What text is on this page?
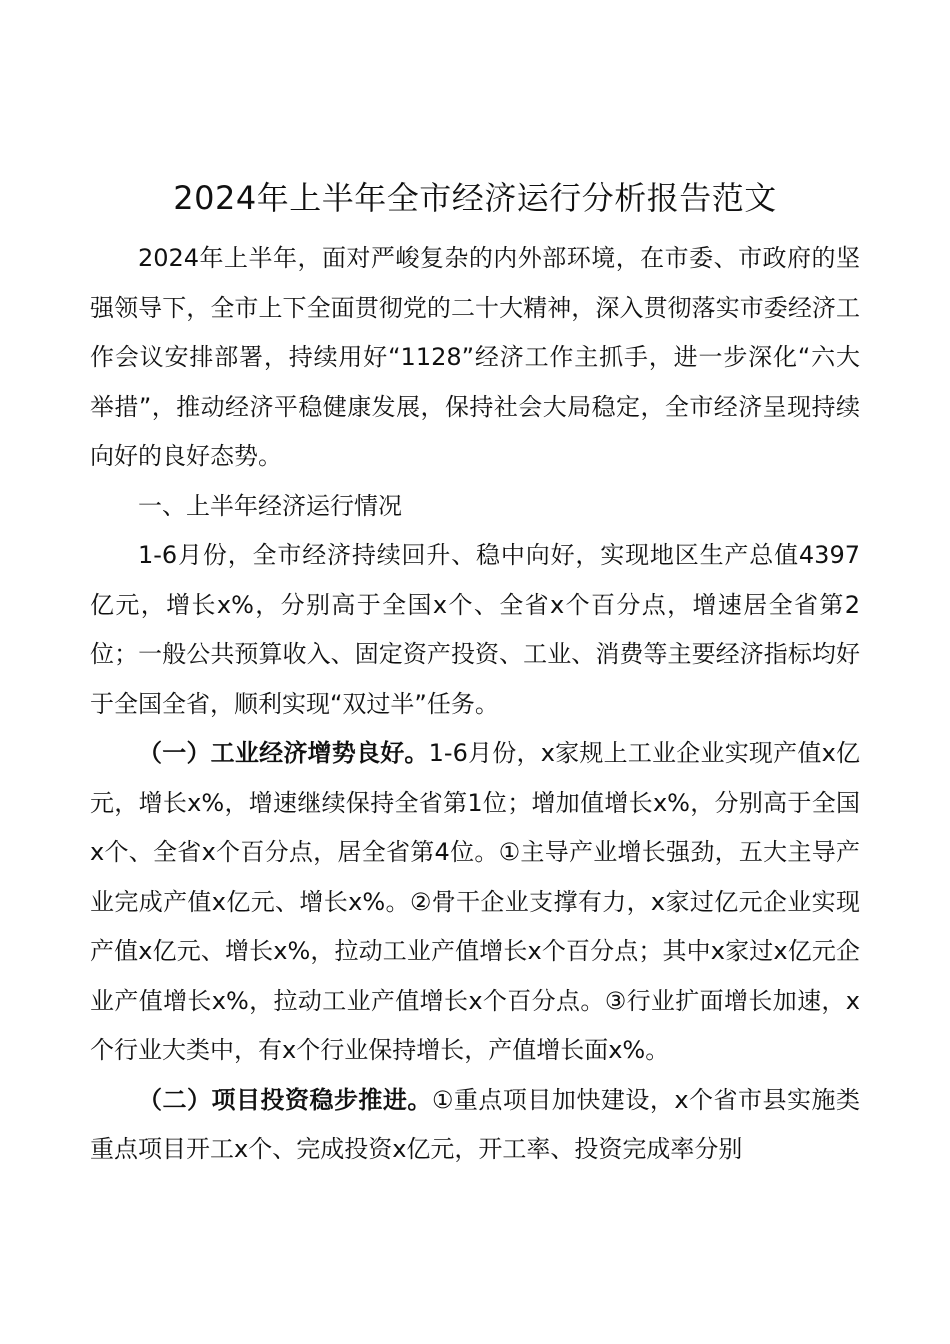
2024年上半年全市经济运行分析报告范文

2024年上半年，面对严峻复杂的内外部环境，在市委、市政府的坚强领导下，全市上下全面贯彻党的二十大精神，深入贯彻落实市委经济工作会议安排部署，持续用好“1128”经济工作主抓手，进一步深化“六大举措”，推动经济平稳健康发展，保持社会大局稳定，全市经济呈现持续向好的良好态势。

一、上半年经济运行情况

1-6月份，全市经济持续回升、稳中向好，实现地区生产总值4397亿元，增长x%，分别高于全国x个、全省x个百分点，增速居全省第2位；一般公共预算收入、固定资产投资、工业、消费等主要经济指标均好于全国全省，顺利实现“双过半”任务。

（一）工业经济增势良好。1-6月份，x家规上工业企业实现产值x亿元，增长x%，增速继续保持全省第1位；增加值增长x%，分别高于全国x个、全省x个百分点，居全省第4位。①主导产业增长强劲，五大主导产业完成产值x亿元、增长x%。②骨干企业支撑有力，x家过亿元企业实现产值x亿元、增长x%，拉动工业产值增长x个百分点；其中x家过x亿元企业产值增长x%，拉动工业产值增长x个百分点。③行业扩面增长加速，x个行业大类中，有x个行业保持增长，产值增长面x%。

（二）项目投资稳步推进。①重点项目加快建设，x个省市县实施类重点项目开工x个、完成投资x亿元，开工率、投资完成率分别
